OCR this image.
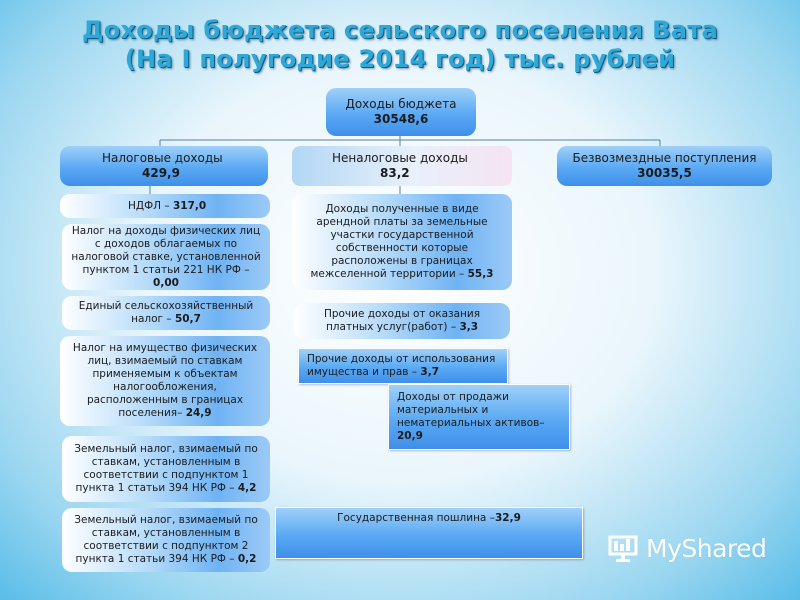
Доходы бюджета сельского поселения Вата
(На I полугодие 2014 год) тыс. рублей
Доходы бюджета
30548,6
Налоговые доходы
429,9
Неналоговые доходы
83,2
Безвозмездные поступления
30035,5
НДФЛ – 317,0
Налог на доходы физических лиц с доходов облагаемых по налоговой ставке, установленной пунктом 1 статьи 221 НК РФ – 0,00
Единый сельскохозяйственный налог – 50,7
Налог на имущество физических лиц, взимаемый по ставкам применяемым к объектам налогообложения, расположенным в границах поселения– 24,9
Земельный налог, взимаемый по ставкам, установленным в соответствии с подпунктом 1 пункта 1 статьи 394 НК РФ – 4,2
Земельный налог, взимаемый по ставкам, установленным в соответствии с подпунктом 2 пункта 1 статьи 394 НК РФ – 0,2
Доходы полученные в виде арендной платы за земельные участки государственной собственности которые расположены в границах межселенной территории – 55,3
Прочие доходы от оказания платных услуг(работ) – 3,3
Прочие доходы от использования имущества и прав – 3,7
Доходы от продажи материальных и нематериальных активов– 20,9
Государственная пошлина –32,9
MyShared
